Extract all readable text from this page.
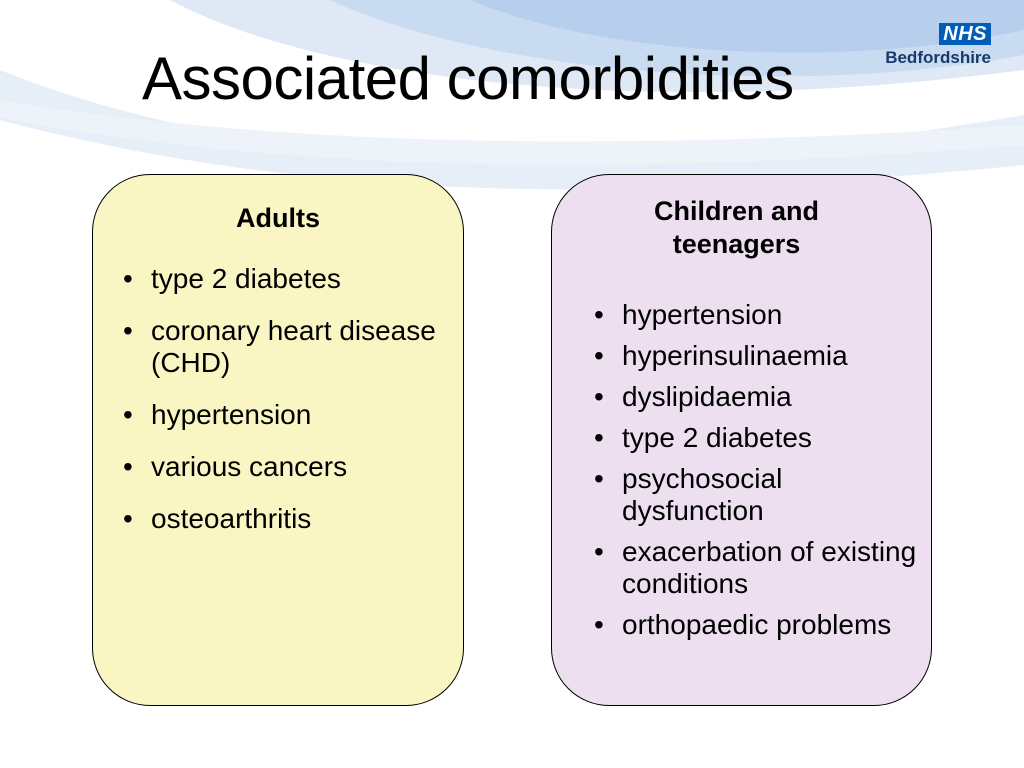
Associated comorbidities
NHS
Bedfordshire
Adults
• type 2 diabetes
• coronary heart disease (CHD)
• hypertension
• various cancers
• osteoarthritis
Children and teenagers
• hypertension
• hyperinsulinaemia
• dyslipidaemia
• type 2 diabetes
• psychosocial dysfunction
• exacerbation of existing conditions
• orthopaedic problems
